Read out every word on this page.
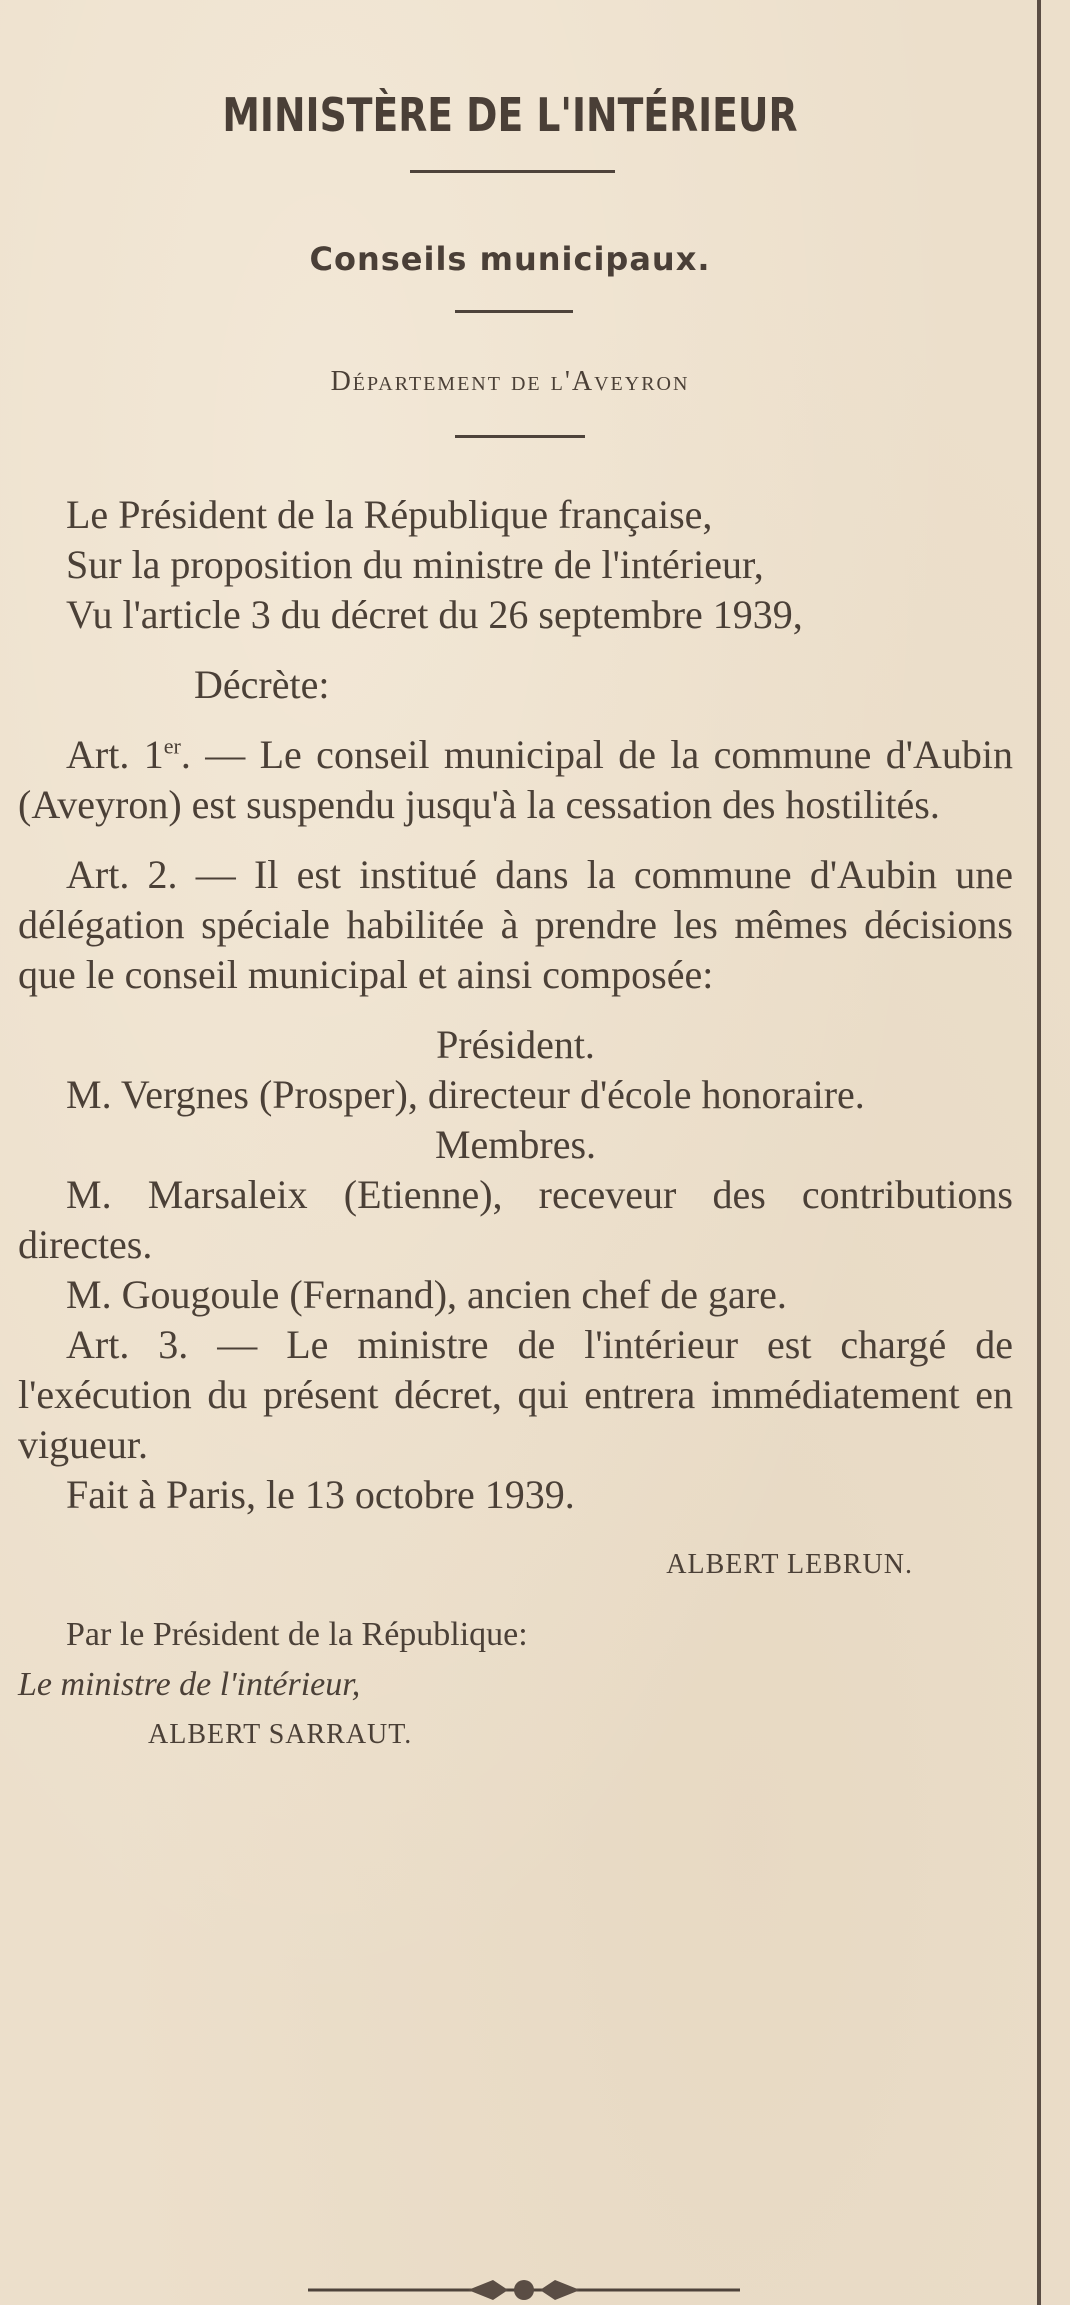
MINISTÈRE DE L'INTÉRIEUR
Conseils municipaux.
Département de l'Aveyron

Le Président de la République française,

Sur la proposition du ministre de l'intérieur,

Vu l'article 3 du décret du 26 septembre 1939,

Décrète:

Art. 1er. — Le conseil municipal de la commune d'Aubin (Aveyron) est suspendu jusqu'à la cessation des hostilités.

Art. 2. — Il est institué dans la commune d'Aubin une délégation spéciale habilitée à prendre les mêmes décisions que le conseil municipal et ainsi composée:

Président.

M. Vergnes (Prosper), directeur d'école honoraire.

Membres.

M. Marsaleix (Etienne), receveur des contributions directes.

M. Gougoule (Fernand), ancien chef de gare.

Art. 3. — Le ministre de l'intérieur est chargé de l'exécution du présent décret, qui entrera immédiatement en vigueur.

Fait à Paris, le 13 octobre 1939.

ALBERT LEBRUN.

Par le Président de la République:

Le ministre de l'intérieur,

ALBERT SARRAUT.
